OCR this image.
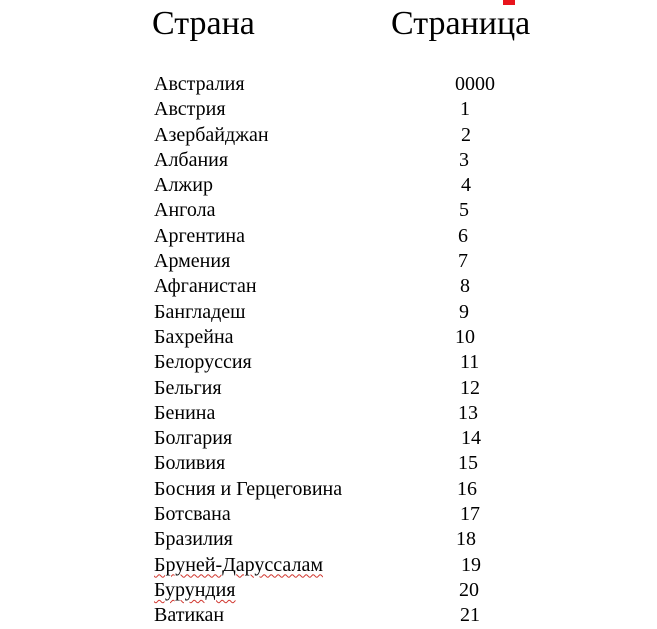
Страна	Страница
Австралия	0000
Австрия	1
Азербайджан	2
Албания	3
Алжир	4
Ангола	5
Аргентина	6
Армения	7
Афганистан	8
Бангладеш	9
Бахрейна	10
Белоруссия	11
Бельгия	12
Бенина	13
Болгария	14
Боливия	15
Босния и Герцеговина	16
Ботсвана	17
Бразилия	18
Бруней-Даруссалам	19
Бурундия	20
Ватикан	21
